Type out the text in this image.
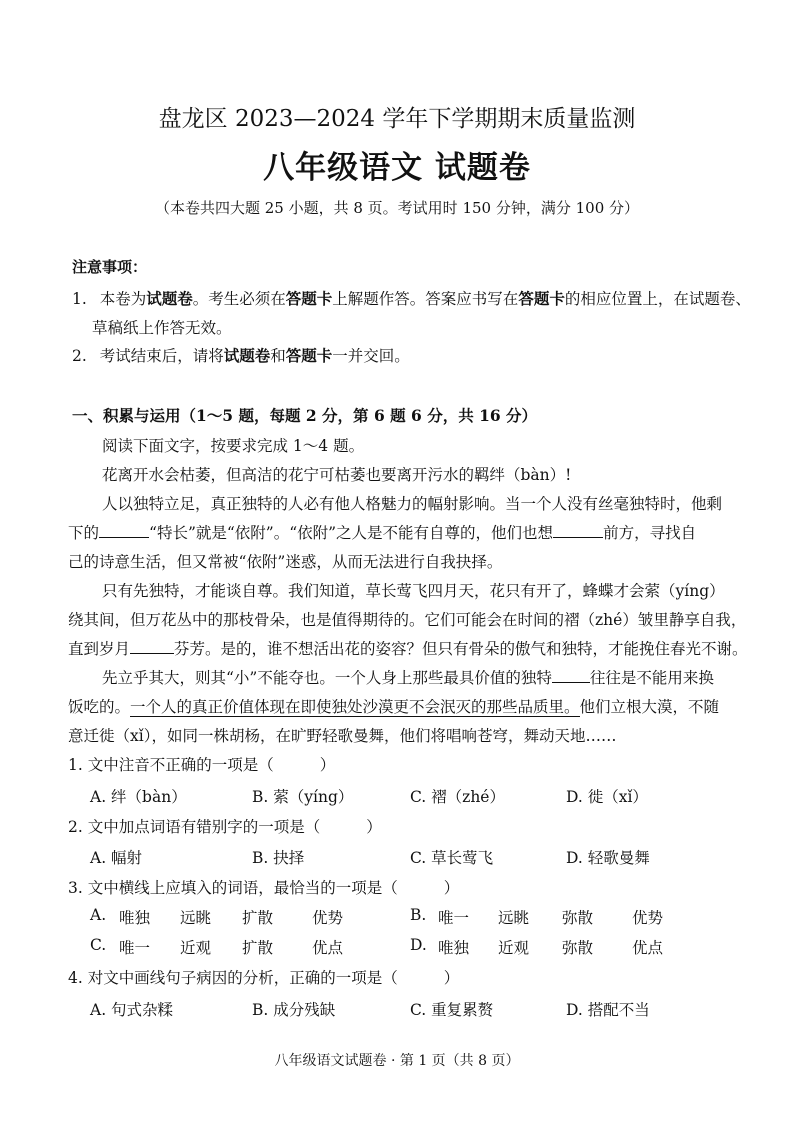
盘龙区 2023—2024 学年下学期期末质量监测
八年级语文 试题卷
（本卷共四大题 25 小题，共 8 页。考试用时 150 分钟，满分 100 分）
注意事项：
1. 本卷为试题卷。考生必须在答题卡上解题作答。答案应书写在答题卡的相应位置上，在试题卷、
草稿纸上作答无效。
2. 考试结束后，请将试题卷和答题卡一并交回。
一、积累与运用（1～5 题，每题 2 分，第 6 题 6 分，共 16 分）
阅读下面文字，按要求完成 1～4 题。
花离开水会枯萎，但高洁的花宁可枯萎也要离开污水的羁绊（bàn）!
人以独特立足，真正独特的人必有他人格魅力的幅射影响。当一个人没有丝毫独特时，他剩
下的	“特长”就是“依附”。“依附”之人是不能有自尊的，他们也想	前方，寻找自
己的诗意生活，但又常被“依附”迷惑，从而无法进行自我抉择。
只有先独特，才能谈自尊。我们知道，草长莺飞四月天，花只有开了，蜂蝶才会萦（yíng）
绕其间，但万花丛中的那枝骨朵，也是值得期待的。它们可能会在时间的褶（zhé）皱里静享自我，
直到岁月	芬芳。是的，谁不想活出花的姿容？但只有骨朵的傲气和独特，才能挽住春光不谢。
先立乎其大，则其“小”不能夺也。一个人身上那些最具价值的独特 往往是不能用来换
饭吃的。一个人的真正价值体现在即使独处沙漠更不会泯灭的那些品质里。他们立根大漠，不随
意迁徙（xǐ），如同一株胡杨，在旷野轻歌曼舞，他们将唱响苍穹，舞动天地……
1. 文中注音不正确的一项是（	）
A. 绊（bàn）	B. 萦（yíng）	C. 褶（zhé）	D. 徙（xǐ）
2. 文中加点词语有错别字的一项是（	）
A. 幅射	B. 抉择	C. 草长莺飞	D. 轻歌曼舞
3. 文中横线上应填入的词语，最恰当的一项是（	）
A. 唯独 远眺 扩散	优势	B. 唯一 远眺 弥散	优势
C. 唯一 近观 扩散	优点	D. 唯独 近观 弥散	优点
4. 对文中画线句子病因的分析，正确的一项是（	）
A. 句式杂糅	B. 成分残缺	C. 重复累赘	D. 搭配不当
八年级语文试题卷 · 第 1 页（共 8 页）
